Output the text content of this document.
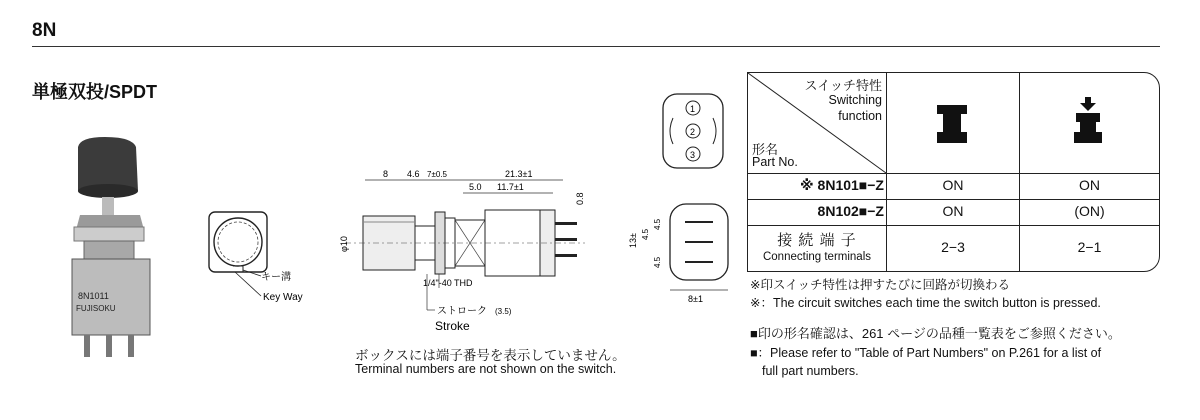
8N
単極双投/SPDT
8N1011
FUJISOKU
キー溝
Key Way
8 4.6 7±0.5	21.3±1
5.0 11.7±1
0.8
φ10
1/4"-40 THD
ストローク (3.5)
Stroke
1
2
3
13± 4.5
4.5
4.5
8±1
ボックスには端子番号を表示していません。
Terminal numbers are not shown on the switch.
スイッチ特性
Switching
function
形名
Part No.
※ 8N101■−Z	ON	ON
8N102■−Z	ON	(ON)
接 続 端 子
Connecting terminals
2−3	2−1
※印スイッチ特性は押すたびに回路が切換わる
※：The circuit switches each time the switch button is pressed.
■印の形名確認は、261 ページの品種一覧表をご参照ください。
■：Please refer to "Table of Part Numbers" on P.261 for a list of
full part numbers.
